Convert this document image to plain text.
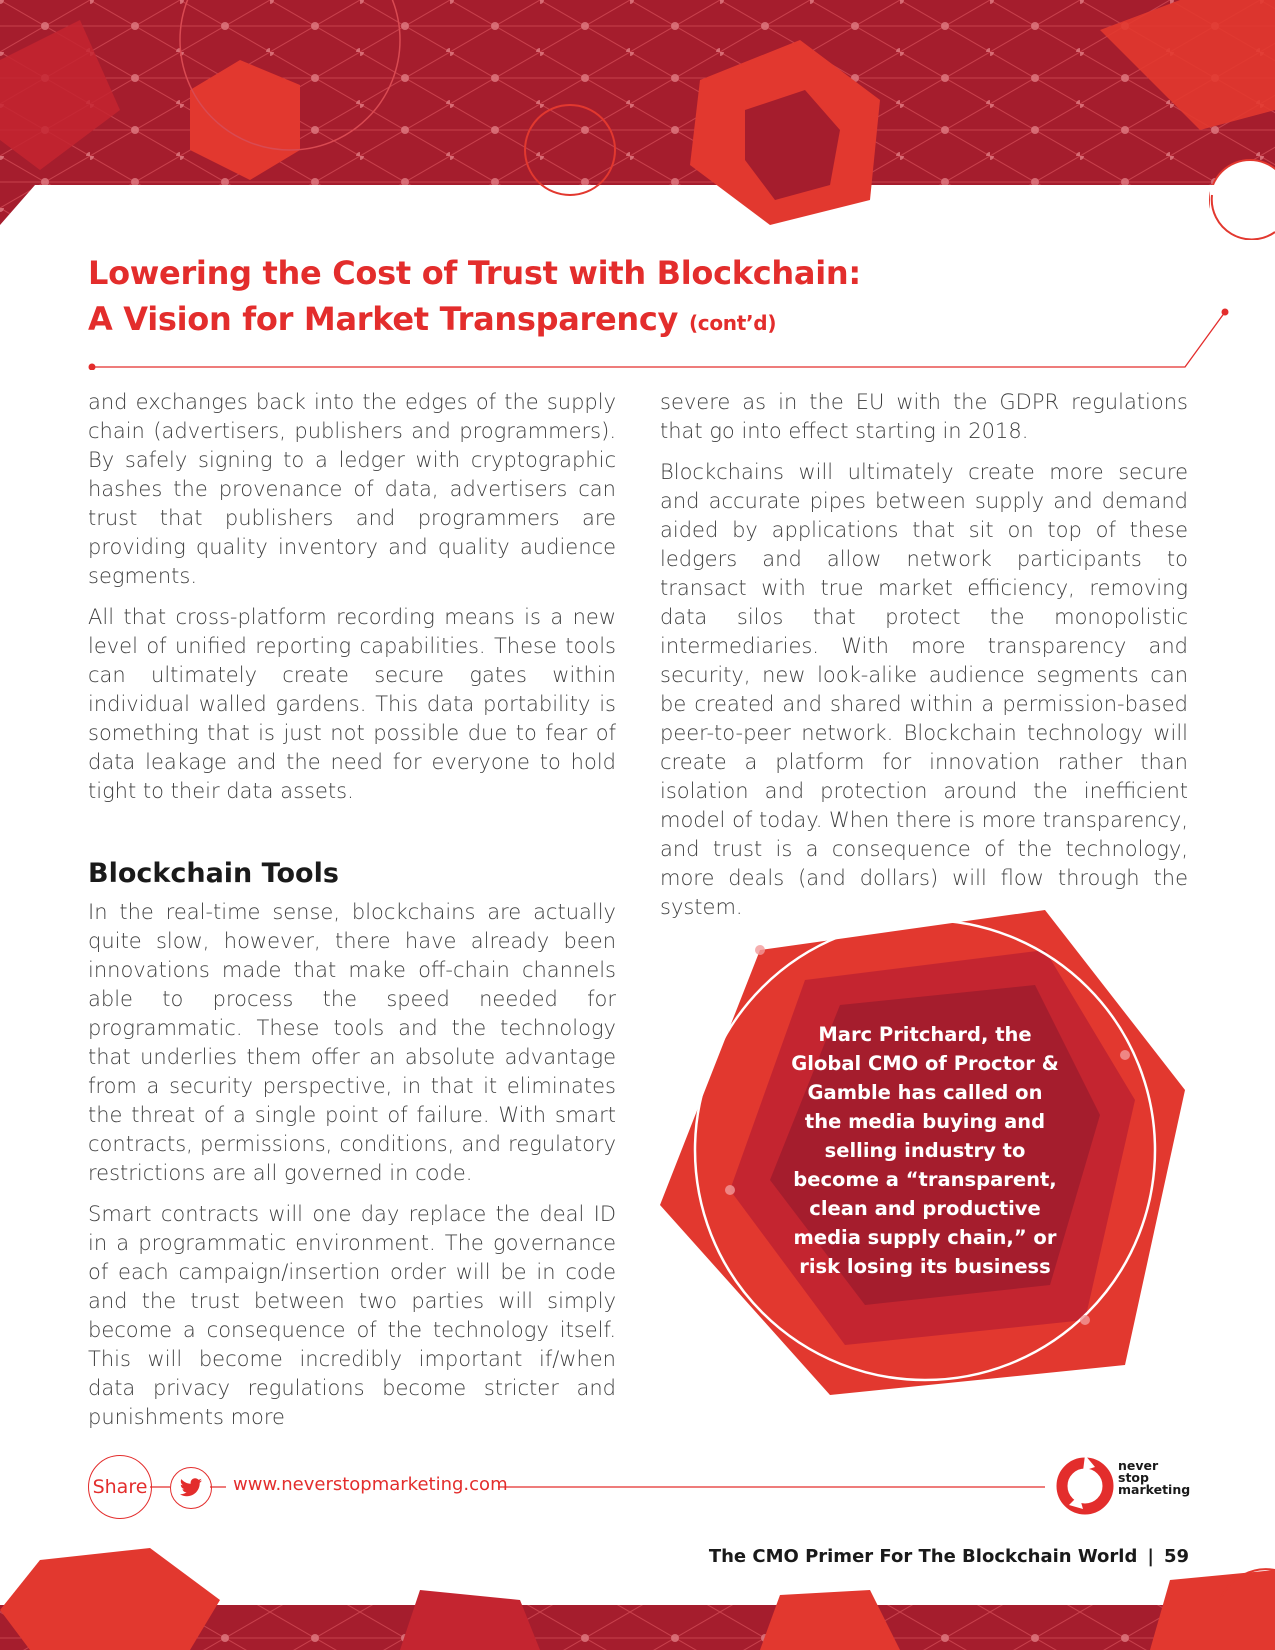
Lowering the Cost of Trust with Blockchain:
A Vision for Market Transparency (cont’d)

and exchanges back into the edges of the supply chain (advertisers, publishers and programmers). By safely signing to a ledger with cryptographic hashes the provenance of data, advertisers can trust that publishers and programmers are providing quality inventory and quality audience segments.

All that cross-platform recording means is a new level of unified reporting capabilities. These tools can ultimately create secure gates within individual walled gardens. This data portability is something that is just not possible due to fear of data leakage and the need for everyone to hold tight to their data assets.

Blockchain Tools

In the real-time sense, blockchains are actually quite slow, however, there have already been innovations made that make off-chain channels able to process the speed needed for programmatic. These tools and the technology that underlies them offer an absolute advantage from a security perspective, in that it eliminates the threat of a single point of failure. With smart contracts, permissions, conditions, and regulatory restrictions are all governed in code.

Smart contracts will one day replace the deal ID in a programmatic environment. The governance of each campaign/insertion order will be in code and the trust between two parties will simply become a consequence of the technology itself. This will become incredibly important if/when data privacy regulations become stricter and punishments more

severe as in the EU with the GDPR regulations that go into effect starting in 2018.

Blockchains will ultimately create more secure and accurate pipes between supply and demand aided by applications that sit on top of these ledgers and allow network participants to transact with true market efficiency, removing data silos that protect the monopolistic intermediaries. With more transparency and security, new look-alike audience segments can be created and shared within a permission-based peer-to-peer network. Blockchain technology will create a platform for innovation rather than isolation and protection around the inefficient model of today. When there is more transparency, and trust is a consequence of the technology, more deals (and dollars) will flow through the system.

Marc Pritchard, the Global CMO of Proctor & Gamble has called on the media buying and selling industry to become a “transparent, clean and productive media supply chain,” or risk losing its business
Share	www.neverstopmarketing.com
never
stop
marketing
The CMO Primer For The Blockchain World | 59
